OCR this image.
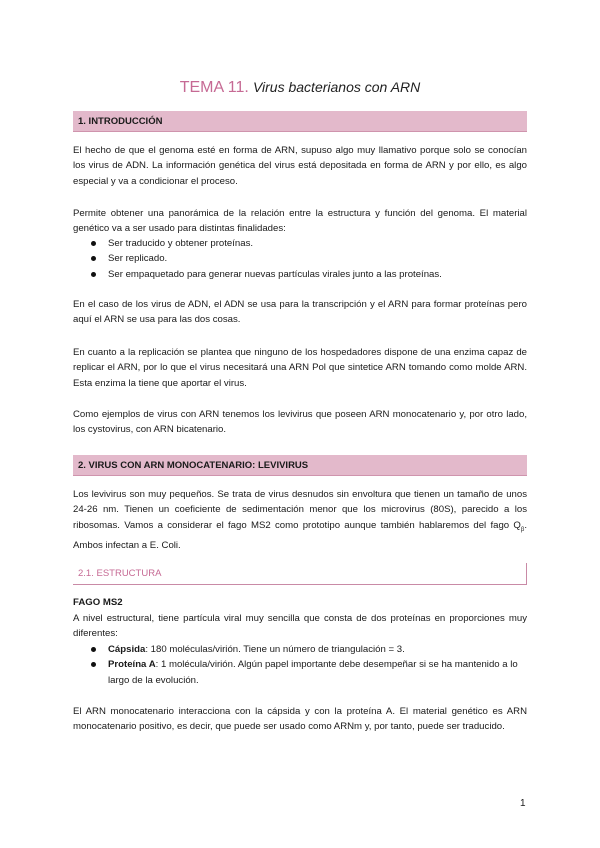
TEMA 11. Virus bacterianos con ARN
1. INTRODUCCIÓN

El hecho de que el genoma esté en forma de ARN, supuso algo muy llamativo porque solo se conocían los virus de ADN. La información genética del virus está depositada en forma de ARN y por ello, es algo especial y va a condicionar el proceso.

Permite obtener una panorámica de la relación entre la estructura y función del genoma. El material genético va a ser usado para distintas finalidades:

Ser traducido y obtener proteínas.
Ser replicado.
Ser empaquetado para generar nuevas partículas virales junto a las proteínas.

En el caso de los virus de ADN, el ADN se usa para la transcripción y el ARN para formar proteínas pero aquí el ARN se usa para las dos cosas.

En cuanto a la replicación se plantea que ninguno de los hospedadores dispone de una enzima capaz de replicar el ARN, por lo que el virus necesitará una ARN Pol que sintetice ARN tomando como molde ARN. Esta enzima la tiene que aportar el virus.

Como ejemplos de virus con ARN tenemos los levivirus que poseen ARN monocatenario y, por otro lado, los cystovirus, con ARN bicatenario.

2. VIRUS CON ARN MONOCATENARIO: LEVIVIRUS

Los levivirus son muy pequeños. Se trata de virus desnudos sin envoltura que tienen un tamaño de unos 24-26 nm. Tienen un coeficiente de sedimentación menor que los microvirus (80S), parecido a los ribosomas. Vamos a considerar el fago MS2 como prototipo aunque también hablaremos del fago $Q_\beta$. Ambos infectan a E. Coli.

2.1. ESTRUCTURA
FAGO MS2

A nivel estructural, tiene partícula viral muy sencilla que consta de dos proteínas en proporciones muy diferentes:

Cápsida: 180 moléculas/virión. Tiene un número de triangulación = 3.
Proteína A: 1 molécula/virión. Algún papel importante debe desempeñar si se ha mantenido a lo largo de la evolución.

El ARN monocatenario interacciona con la cápsida y con la proteína A. El material genético es ARN monocatenario positivo, es decir, que puede ser usado como ARNm y, por tanto, puede ser traducido.

1
